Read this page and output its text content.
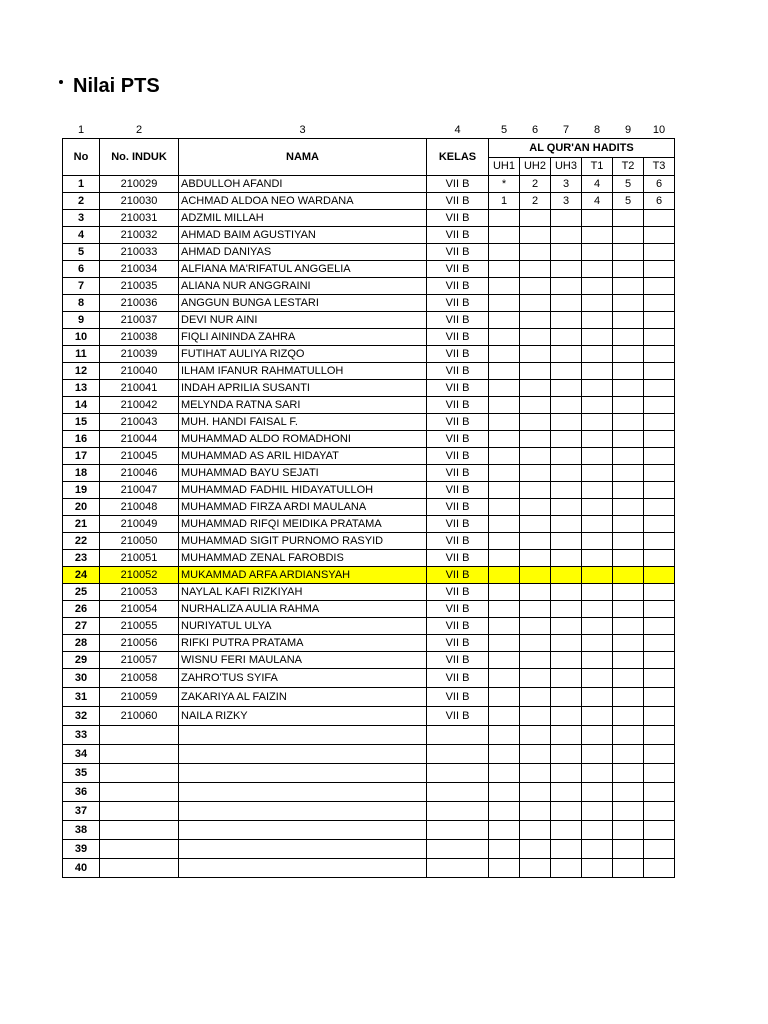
Nilai PTS
1	2	3	4	5	6	7	8	9	10
No	No. INDUK	NAMA	KELAS	AL QUR'AN HADITS					
				UH1	UH2	UH3	T1	T2	T3
1	210029	ABDULLOH AFANDI	VII B	*	2	3	4	5	6
2	210030	ACHMAD ALDOA NEO WARDANA	VII B	1	2	3	4	5	6
3	210031	ADZMIL MILLAH	VII B						
4	210032	AHMAD BAIM AGUSTIYAN	VII B						
5	210033	AHMAD DANIYAS	VII B						
6	210034	ALFIANA MA'RIFATUL ANGGELIA	VII B						
7	210035	ALIANA NUR ANGGRAINI	VII B						
8	210036	ANGGUN BUNGA LESTARI	VII B						
9	210037	DEVI NUR AINI	VII B						
10	210038	FIQLI AININDA ZAHRA	VII B						
11	210039	FUTIHAT AULIYA RIZQO	VII B						
12	210040	ILHAM IFANUR RAHMATULLOH	VII B						
13	210041	INDAH APRILIA SUSANTI	VII B						
14	210042	MELYNDA RATNA SARI	VII B						
15	210043	MUH. HANDI FAISAL F.	VII B						
16	210044	MUHAMMAD ALDO ROMADHONI	VII B						
17	210045	MUHAMMAD AS ARIL HIDAYAT	VII B						
18	210046	MUHAMMAD BAYU SEJATI	VII B						
19	210047	MUHAMMAD FADHIL HIDAYATULLOH	VII B						
20	210048	MUHAMMAD FIRZA ARDI MAULANA	VII B						
21	210049	MUHAMMAD RIFQI MEIDIKA PRATAMA	VII B						
22	210050	MUHAMMAD SIGIT PURNOMO RASYID	VII B						
23	210051	MUHAMMAD ZENAL FAROBDIS	VII B						
24	210052	MUKAMMAD ARFA ARDIANSYAH	VII B						
25	210053	NAYLAL KAFI RIZKIYAH	VII B						
26	210054	NURHALIZA AULIA RAHMA	VII B						
27	210055	NURIYATUL ULYA	VII B						
28	210056	RIFKI PUTRA PRATAMA	VII B						
29	210057	WISNU FERI MAULANA	VII B						
30	210058	ZAHRO'TUS SYIFA	VII B						
31	210059	ZAKARIYA AL FAIZIN	VII B						
32	210060	NAILA RIZKY	VII B						
33									
34									
35									
36									
37									
38									
39									
40									
